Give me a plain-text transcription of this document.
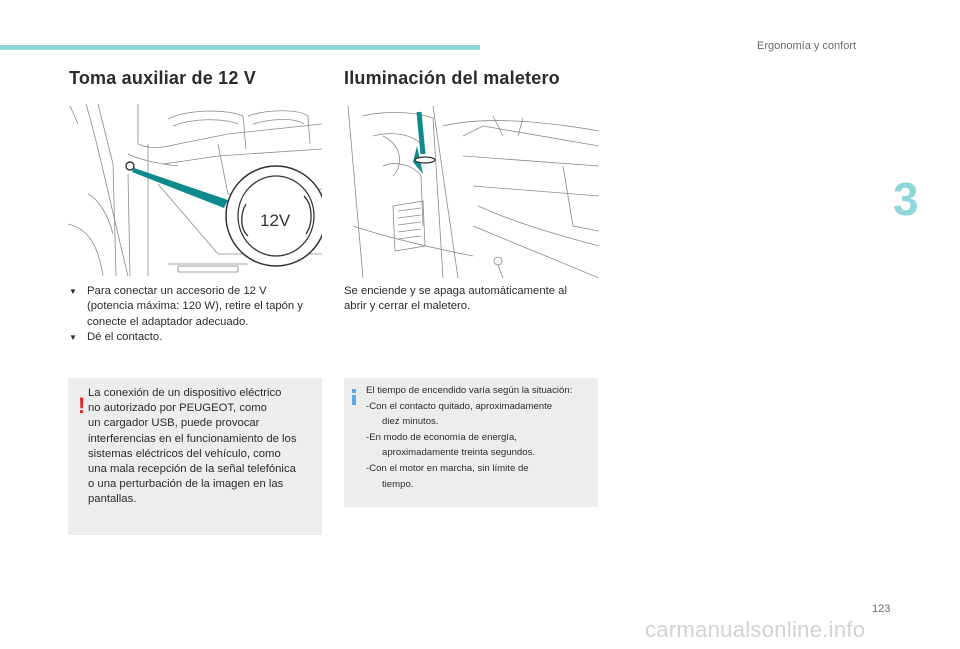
Ergonomía y confort
3
Toma auxiliar de 12 V
12V
▼ Para conectar un accesorio de 12 V
(potencia máxima: 120 W), retire el tapón y
conecte el adaptador adecuado.
▼ Dé el contacto.
! La conexión de un dispositivo eléctrico
no autorizado por PEUGEOT, como
un cargador USB, puede provocar
interferencias en el funcionamiento de los
sistemas eléctricos del vehículo, como
una mala recepción de la señal telefónica
o una perturbación de la imagen en las
pantallas.
Iluminación del maletero
Se enciende y se apaga automáticamente al
abrir y cerrar el maletero.
El tiempo de encendido varía según la situación:
-Con el contacto quitado, aproximadamente
diez minutos.
-En modo de economía de energía,
aproximadamente treinta segundos.
-Con el motor en marcha, sin límite de
tiempo.
123
carmanualsonline.info
